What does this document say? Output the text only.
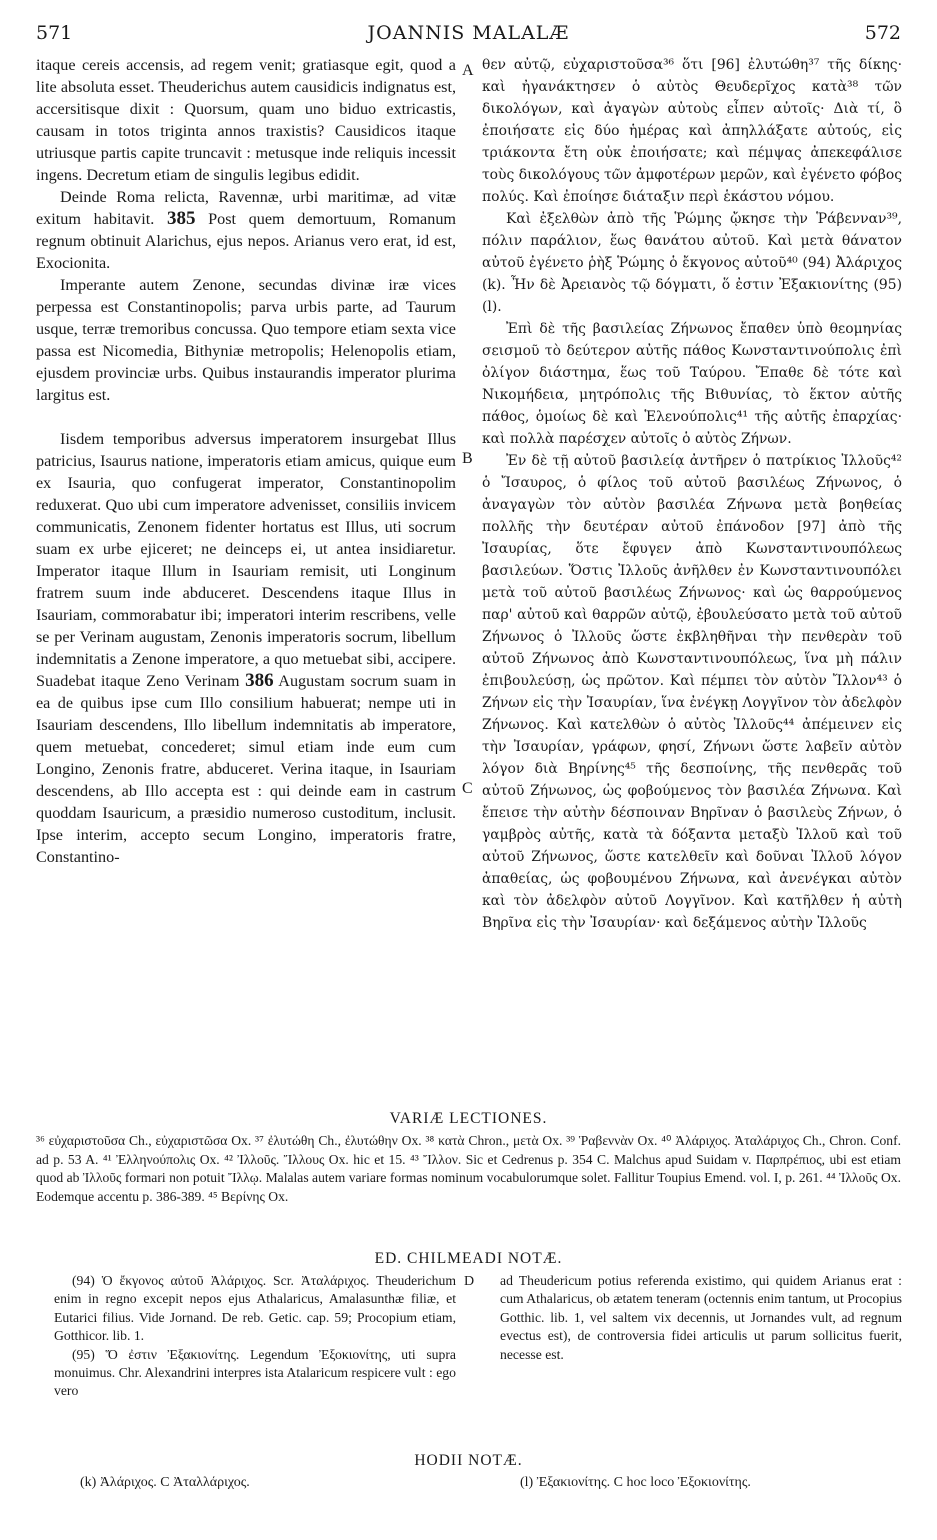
571	JOANNIS MALALÆ	572

itaque cereis accensis, ad regem venit; gratiasque egit, quod a lite absoluta esset. Theuderichus autem causidicis indignatus est, accersitisque dixit : Quorsum, quam uno biduo extricastis, causam in totos triginta annos traxistis? Causidicos itaque utriusque partis capite truncavit : metusque inde reliquis incessit ingens. Decretum etiam de singulis legibus edidit.

Deinde Roma relicta, Ravennæ, urbi maritimæ, ad vitæ exitum habitavit. 385 Post quem demortuum, Romanum regnum obtinuit Alarichus, ejus nepos. Arianus vero erat, id est, Exocionita.

Imperante autem Zenone, secundas divinæ iræ vices perpessa est Constantinopolis; parva urbis parte, ad Taurum usque, terræ tremoribus concussa. Quo tempore etiam sexta vice passa est Nicomedia, Bithyniæ metropolis; Helenopolis etiam, ejusdem provinciæ urbs. Quibus instaurandis imperator plurima largitus est.

Iisdem temporibus adversus imperatorem insurgebat Illus patricius, Isaurus natione, imperatoris etiam amicus, quique eum ex Isauria, quo confugerat imperator, Constantinopolim reduxerat. Quo ubi cum imperatore advenisset, consiliis invicem communicatis, Zenonem fidenter hortatus est Illus, uti socrum suam ex urbe ejiceret; ne deinceps ei, ut antea insidiaretur. Imperator itaque Illum in Isauriam remisit, uti Longinum fratrem suum inde abduceret. Descendens itaque Illus in Isauriam, commorabatur ibi; imperatori interim rescribens, velle se per Verinam augustam, Zenonis imperatoris socrum, libellum indemnitatis a Zenone imperatore, a quo metuebat sibi, accipere. Suadebat itaque Zeno Verinam 386 Augustam socrum suam in ea de quibus ipse cum Illo consilium habuerat; nempe uti in Isauriam descendens, Illo libellum indemnitatis ab imperatore, quem metuebat, concederet; simul etiam inde eum cum Longino, Zenonis fratre, abduceret. Verina itaque, in Isauriam descendens, ab Illo accepta est : qui deinde eam in castrum quoddam Isauricum, a præsidio numeroso custoditum, inclusit. Ipse interim, accepto secum Longino, imperatoris fratre, Constantino-

A
B
C

θεν αὐτῷ, εὐχαριστοῦσα³⁶ ὅτι [96] ἐλυτώθη³⁷ τῆς δίκης· καὶ ἠγανάκτησεν ὁ αὐτὸς Θευδερῖχος κατὰ³⁸ τῶν δικολόγων, καὶ ἀγαγὼν αὐτοὺς εἶπεν αὐτοῖς· Διὰ τί, ὃ ἐποιήσατε εἰς δύο ἡμέρας καὶ ἀπηλλάξατε αὐτούς, εἰς τριάκοντα ἔτη οὐκ ἐποιήσατε; καὶ πέμψας ἀπεκεφάλισε τοὺς δικολόγους τῶν ἀμφοτέρων μερῶν, καὶ ἐγένετο φόβος πολύς. Καὶ ἐποίησε διάταξιν περὶ ἑκάστου νόμου.

Καὶ ἐξελθὼν ἀπὸ τῆς Ῥώμης ᾤκησε τὴν Ῥάβενναν³⁹, πόλιν παράλιον, ἕως θανάτου αὐτοῦ. Καὶ μετὰ θάνατον αὐτοῦ ἐγένετο ῥὴξ Ῥώμης ὁ ἔκγονος αὐτοῦ⁴⁰ (94) Ἀλάριχος (k). Ἦν δὲ Ἀρειανὸς τῷ δόγματι, ὅ ἐστιν Ἐξακιονίτης (95) (l).

Ἐπὶ δὲ τῆς βασιλείας Ζήνωνος ἔπαθεν ὑπὸ θεομηνίας σεισμοῦ τὸ δεύτερον αὐτῆς πάθος Κωνσταντινούπολις ἐπὶ ὀλίγον διάστημα, ἕως τοῦ Ταύρου. Ἔπαθε δὲ τότε καὶ Νικομήδεια, μητρόπολις τῆς Βιθυνίας, τὸ ἕκτον αὐτῆς πάθος, ὁμοίως δὲ καὶ Ἑλενούπολις⁴¹ τῆς αὐτῆς ἐπαρχίας· καὶ πολλὰ παρέσχεν αὐτοῖς ὁ αὐτὸς Ζήνων.

Ἐν δὲ τῇ αὐτοῦ βασιλείᾳ ἀντῆρεν ὁ πατρίκιος Ἰλλοῦς⁴² ὁ Ἴσαυρος, ὁ φίλος τοῦ αὐτοῦ βασιλέως Ζήνωνος, ὁ ἀναγαγὼν τὸν αὐτὸν βασιλέα Ζήνωνα μετὰ βοηθείας πολλῆς τὴν δευτέραν αὐτοῦ ἐπάνοδον [97] ἀπὸ τῆς Ἰσαυρίας, ὅτε ἔφυγεν ἀπὸ Κωνσταντινουπόλεως βασιλεύων. Ὅστις Ἰλλοῦς ἀνῆλθεν ἐν Κωνσταντινουπόλει μετὰ τοῦ αὐτοῦ βασιλέως Ζήνωνος· καὶ ὡς θαρρούμενος παρ' αὐτοῦ καὶ θαρρῶν αὐτῷ, ἐβουλεύσατο μετὰ τοῦ αὐτοῦ Ζήνωνος ὁ Ἰλλοῦς ὥστε ἐκβληθῆναι τὴν πενθερὰν τοῦ αὐτοῦ Ζήνωνος ἀπὸ Κωνσταντινουπόλεως, ἵνα μὴ πάλιν ἐπιβουλεύσῃ, ὡς πρῶτον. Καὶ πέμπει τὸν αὐτὸν Ἴλλον⁴³ ὁ Ζήνων εἰς τὴν Ἰσαυρίαν, ἵνα ἐνέγκῃ Λογγῖνον τὸν ἀδελφὸν Ζήνωνος. Καὶ κατελθὼν ὁ αὐτὸς Ἰλλοῦς⁴⁴ ἀπέμεινεν εἰς τὴν Ἰσαυρίαν, γράφων, φησί, Ζήνωνι ὥστε λαβεῖν αὐτὸν λόγον διὰ Βηρίνης⁴⁵ τῆς δεσποίνης, τῆς πενθερᾶς τοῦ αὐτοῦ Ζήνωνος, ὡς φοβούμενος τὸν βασιλέα Ζήνωνα. Καὶ ἔπεισε τὴν αὐτὴν δέσποιναν Βηρῖναν ὁ βασιλεὺς Ζήνων, ὁ γαμβρὸς αὐτῆς, κατὰ τὰ δόξαντα μεταξὺ Ἰλλοῦ καὶ τοῦ αὐτοῦ Ζήνωνος, ὥστε κατελθεῖν καὶ δοῦναι Ἰλλοῦ λόγον ἀπαθείας, ὡς φοβουμένου Ζήνωνα, καὶ ἀνενέγκαι αὐτὸν καὶ τὸν ἀδελφὸν αὐτοῦ Λογγῖνον. Καὶ κατῆλθεν ἡ αὐτὴ Βηρῖνα εἰς τὴν Ἰσαυρίαν· καὶ δεξάμενος αὐτὴν Ἰλλοῦς

VARIÆ LECTIONES.
³⁶ εὐχαριστοῦσα Ch., εὐχαριστῶσα Ox. ³⁷ ἐλυτώθη Ch., ἐλυτώθην Ox. ³⁸ κατὰ Chron., μετὰ Ox. ³⁹ Ῥαβεννὰν Ox. ⁴⁰ Ἀλάριχος. Ἀταλάριχος Ch., Chron. Conf. ad p. 53 A. ⁴¹ Ἐλληνούπολις Ox. ⁴² Ἰλλοῦς. Ἴλλους Ox. hic et 15. ⁴³ Ἴλλον. Sic et Cedrenus p. 354 C. Malchus apud Suidam v. Παρπρέπιος, ubi est etiam quod ab Ἰλλοῦς formari non potuit Ἴλλῳ. Malalas autem variare formas nominum vocabulorumque solet. Fallitur Toupius Emend. vol. I, p. 261. ⁴⁴ Ἰλλοῦς Ox. Eodemque accentu p. 386-389. ⁴⁵ Βερίνης Ox.
ED. CHILMEADI NOTÆ.

(94) Ὁ ἔκγονος αὐτοῦ Ἀλάριχος. Scr. Ἀταλάριχος. Theuderichum enim in regno excepit nepos ejus Athalaricus, Amalasunthæ filiæ, et Eutarici filius. Vide Jornand. De reb. Getic. cap. 59; Procopium etiam, Gotthicor. lib. 1.

(95) Ὅ ἐστιν Ἐξακιονίτης. Legendum Ἐξοκιονίτης, uti supra monuimus. Chr. Alexandrini interpres ista Atalaricum respicere vult : ego vero

D ad Theudericum potius referenda existimo, qui quidem Arianus erat : cum Athalaricus, ob ætatem teneram (octennis enim tantum, ut Procopius Gotthic. lib. 1, vel saltem vix decennis, ut Jornandes vult, ad regnum evectus est), de controversia fidei articulis ut parum sollicitus fuerit, necesse est.

HODII NOTÆ.
(k) Ἀλάριχος. C Ἀταλλάριχος.	(l) Ἐξακιονίτης. C hoc loco Ἐξοκιονίτης.
